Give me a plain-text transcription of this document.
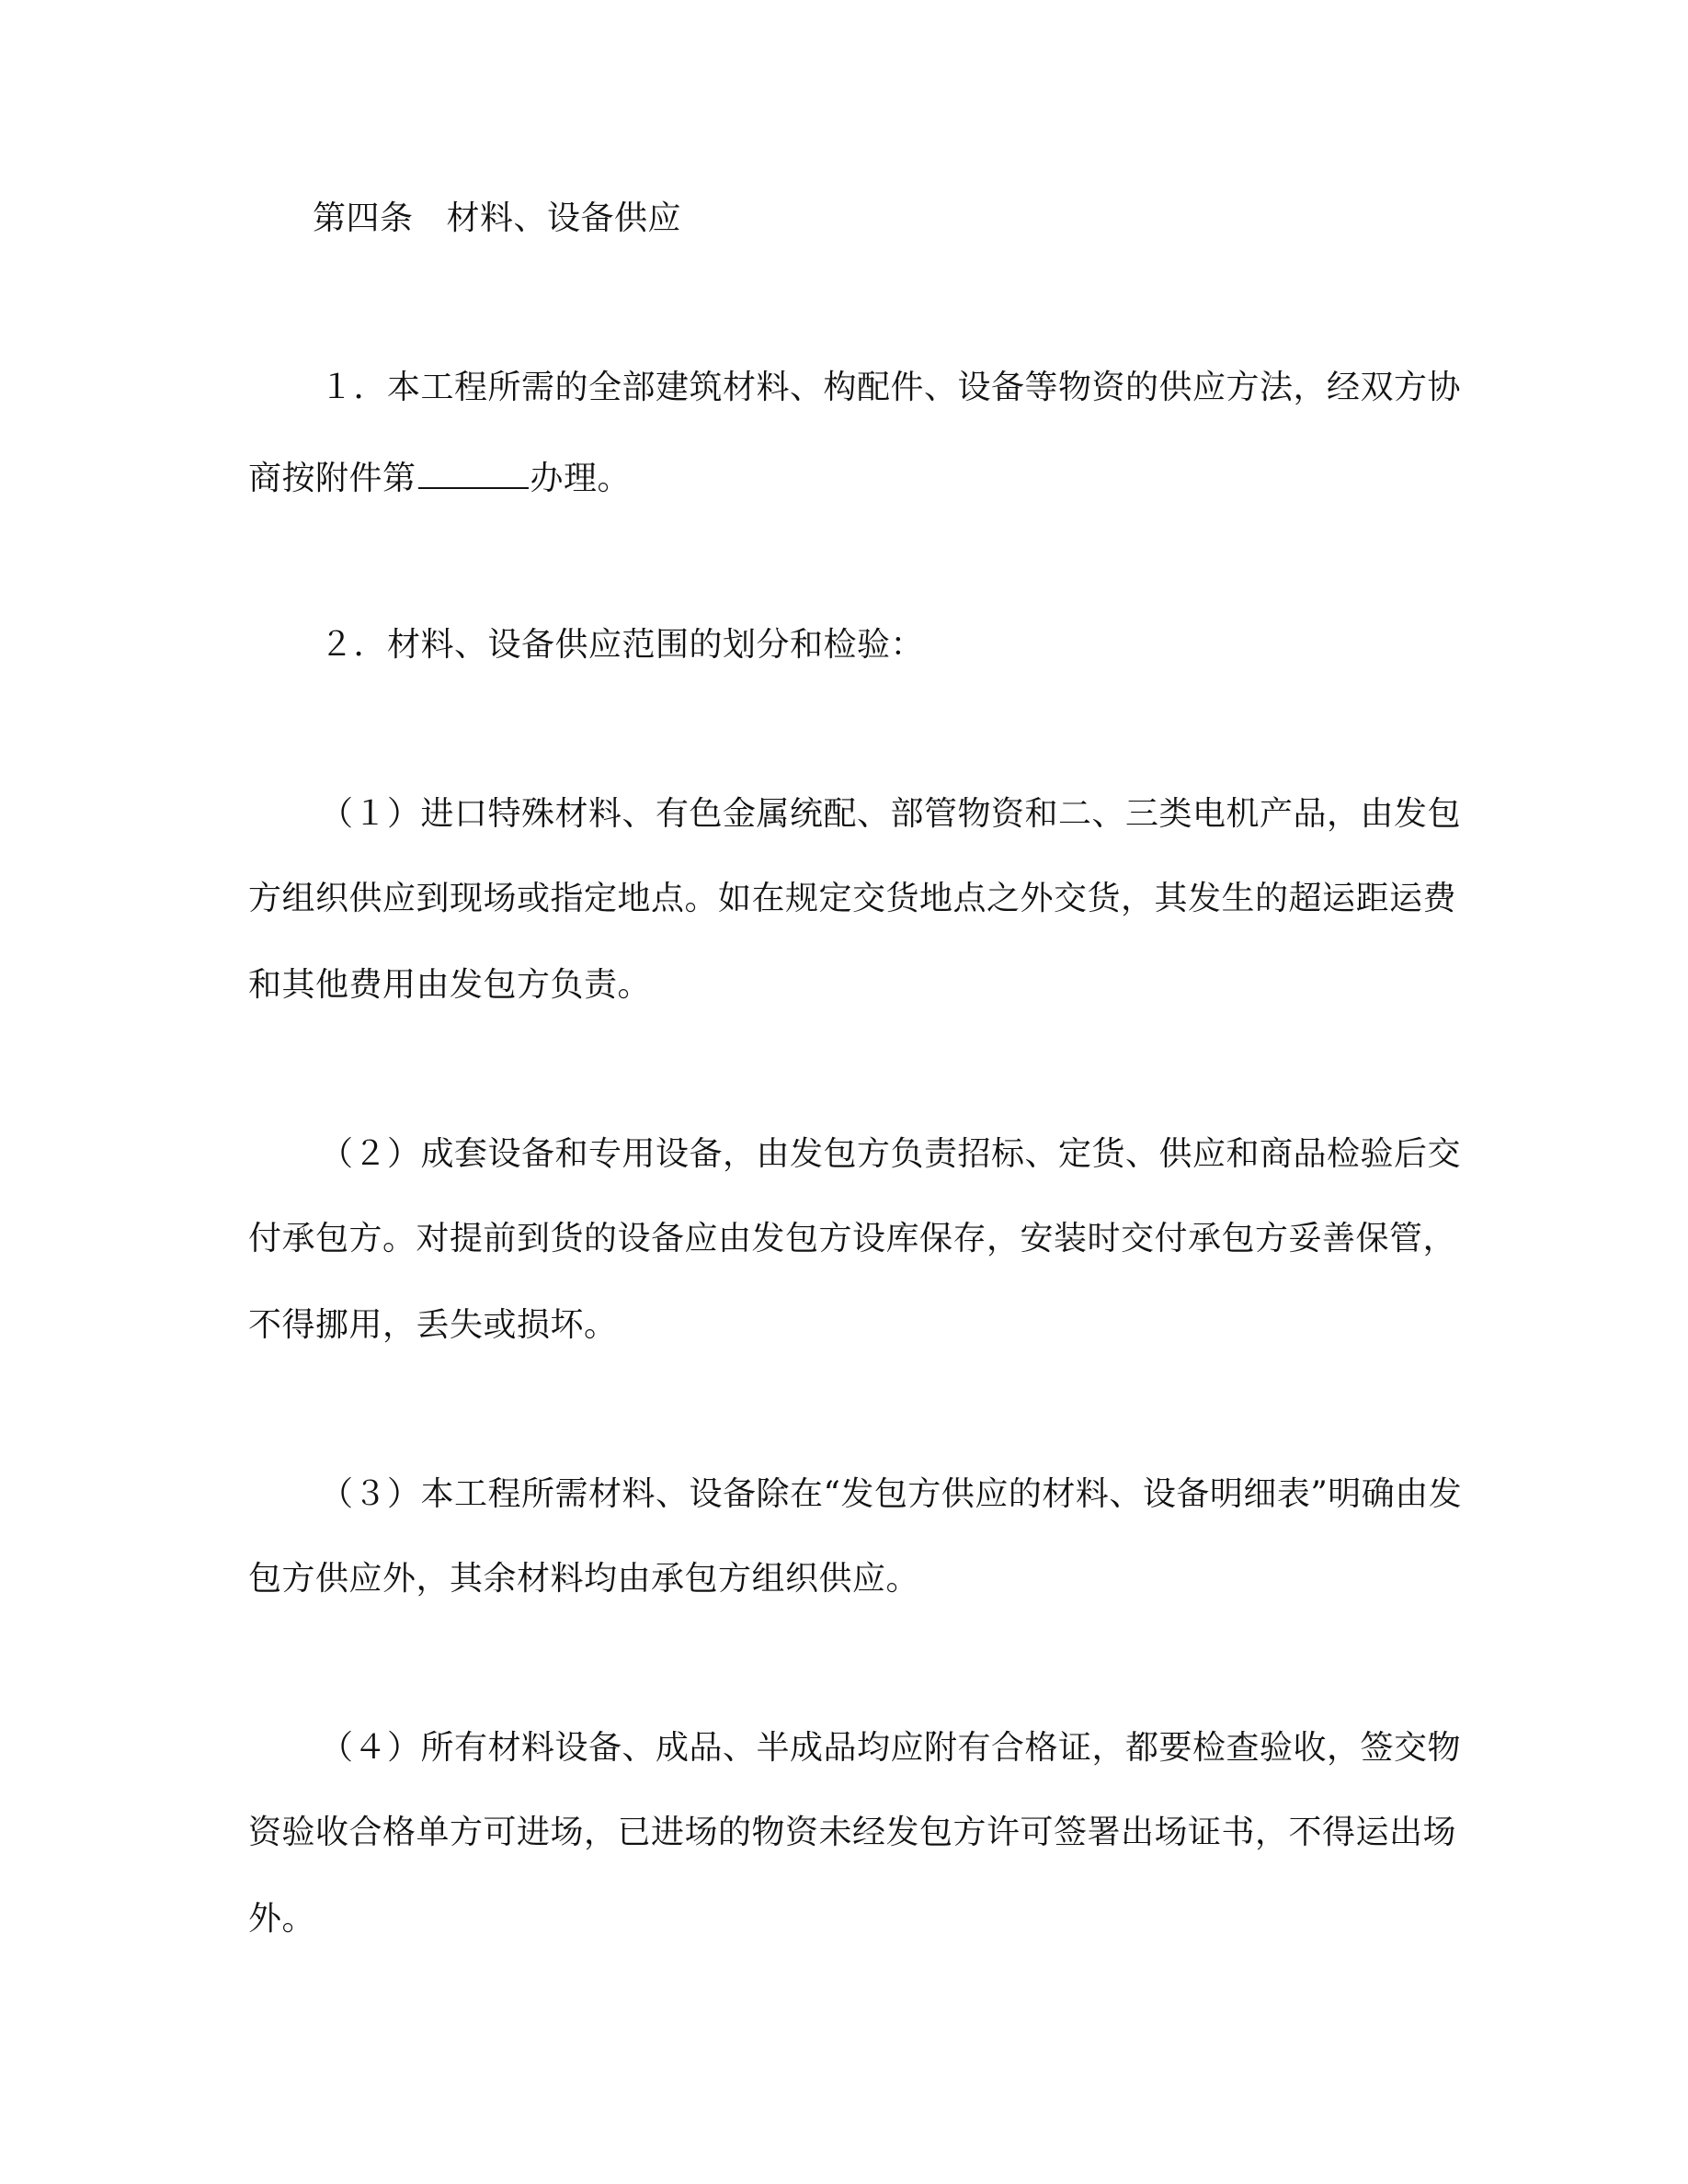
第四条 材料、设备供应
１．本工程所需的全部建筑材料、构配件、设备等物资的供应方法，经双方协
商按附件第	办理。
２．材料、设备供应范围的划分和检验：
（１）进口特殊材料、有色金属统配、部管物资和二、三类电机产品，由发包
方组织供应到现场或指定地点。如在规定交货地点之外交货，其发生的超运距运费
和其他费用由发包方负责。
（２）成套设备和专用设备，由发包方负责招标、定货、供应和商品检验后交
付承包方。对提前到货的设备应由发包方设库保存，安装时交付承包方妥善保管，
不得挪用，丢失或损坏。
（３）本工程所需材料、设备除在“发包方供应的材料、设备明细表”明确由发
包方供应外，其余材料均由承包方组织供应。
（４）所有材料设备、成品、半成品均应附有合格证，都要检查验收，签交物
资验收合格单方可进场，已进场的物资未经发包方许可签署出场证书，不得运出场
外。
